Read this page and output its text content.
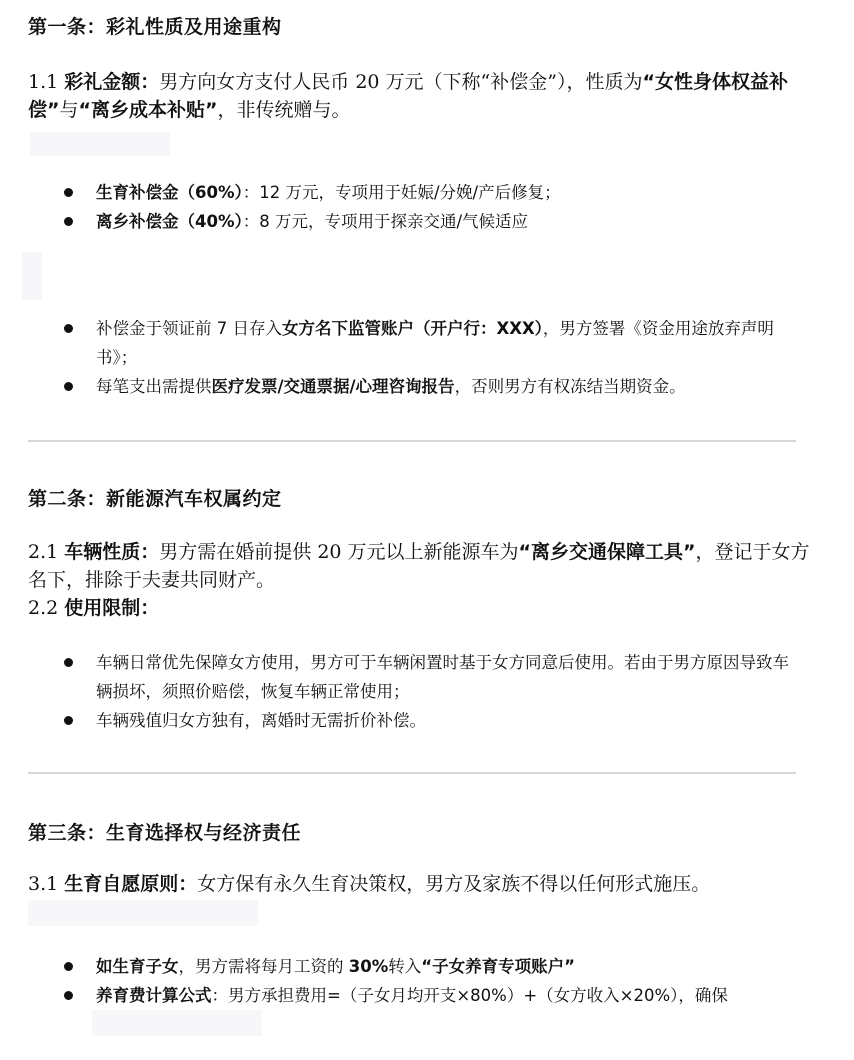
第一条：彩礼性质及用途重构
1.1 彩礼金额：男方向女方支付人民币 20 万元（下称“补偿金”），性质为“女性身体权益补偿”与“离乡成本补贴”，非传统赠与。
生育补偿金（60%）：12 万元，专项用于妊娠/分娩/产后修复；
离乡补偿金（40%）：8 万元，专项用于探亲交通/气候适应
补偿金于领证前 7 日存入女方名下监管账户（开户行：XXX），男方签署《资金用途放弃声明书》；
每笔支出需提供医疗发票/交通票据/心理咨询报告，否则男方有权冻结当期资金。
第二条：新能源汽车权属约定
2.1 车辆性质：男方需在婚前提供 20 万元以上新能源车为“离乡交通保障工具”，登记于女方名下，排除于夫妻共同财产。
2.2 使用限制：
车辆日常优先保障女方使用，男方可于车辆闲置时基于女方同意后使用。若由于男方原因导致车辆损坏，须照价赔偿，恢复车辆正常使用；
车辆残值归女方独有，离婚时无需折价补偿。
第三条：生育选择权与经济责任
3.1 生育自愿原则：女方保有永久生育决策权，男方及家族不得以任何形式施压。
如生育子女，男方需将每月工资的 30%转入“子女养育专项账户”
养育费计算公式：男方承担费用=（子女月均开支×80%）+（女方收入×20%），确保
